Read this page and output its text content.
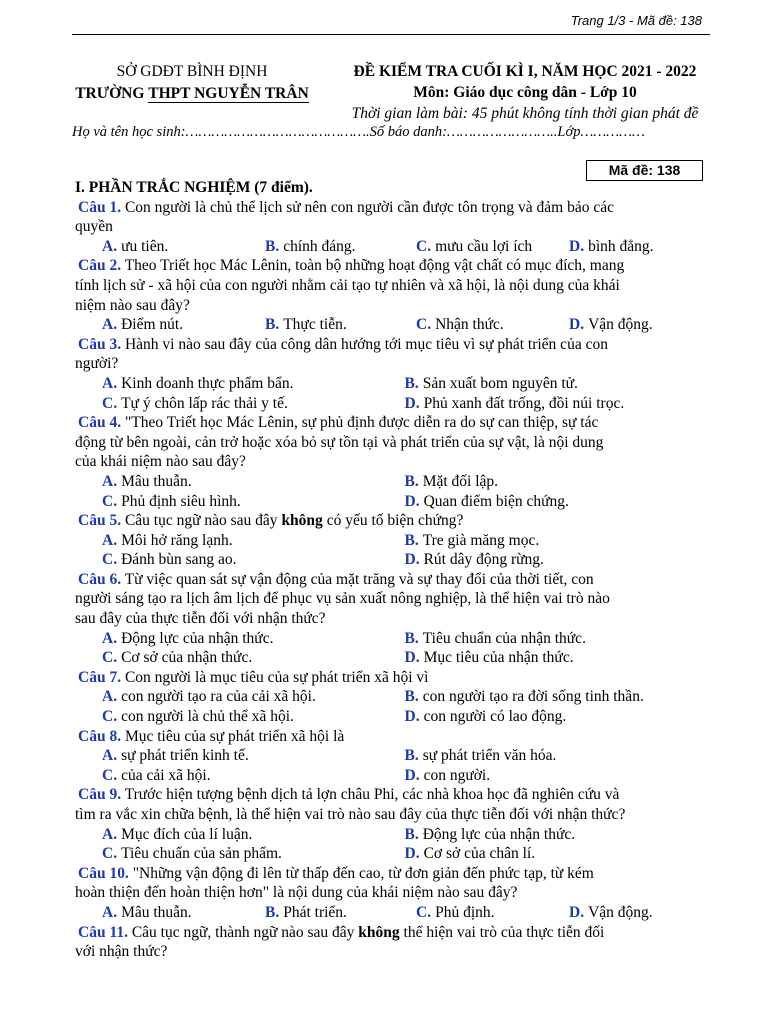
Trang 1/3 - Mã đề: 138
SỞ GDĐT BÌNH ĐỊNH
TRƯỜNG THPT NGUYỄN TRÂN
ĐỀ KIỂM TRA CUỐI KÌ I, NĂM HỌC 2021 - 2022
Môn: Giáo dục công dân - Lớp 10
Thời gian làm bài: 45 phút không tính thời gian phát đề
Họ và tên học sinh:…………………………………….Số báo danh:……………………..Lớp……………
Mã đề: 138
I. PHẦN TRẮC NGHIỆM (7 điểm).
Câu 1. Con người là chủ thể lịch sử nên con người cần được tôn trọng và đảm bảo các
quyền
A. ưu tiên.	B. chính đáng.	C. mưu cầu lợi ích	D. bình đẳng.
Câu 2. Theo Triết học Mác Lênin, toàn bộ những hoạt động vật chất có mục đích, mang
tính lịch sử - xã hội của con người nhằm cải tạo tự nhiên và xã hội, là nội dung của khái
niệm nào sau đây?
A. Điểm nút.	B. Thực tiễn.	C. Nhận thức.	D. Vận động.
Câu 3. Hành vi nào sau đây của công dân hướng tới mục tiêu vì sự phát triển của con
người?
A. Kinh doanh thực phẩm bẩn.	B. Sản xuất bom nguyên tử.
C. Tự ý chôn lấp rác thải y tế.	D. Phủ xanh đất trống, đồi núi trọc.
Câu 4. "Theo Triết học Mác Lênin, sự phủ định được diễn ra do sự can thiệp, sự tác
động từ bên ngoài, cản trở hoặc xóa bỏ sự tồn tại và phát triển của sự vật, là nội dung
của khái niệm nào sau đây?
A. Mâu thuẫn.	B. Mặt đối lập.
C. Phủ định siêu hình.	D. Quan điểm biện chứng.
Câu 5. Câu tục ngữ nào sau đây không có yếu tố biện chứng?
A. Môi hở răng lạnh.	B. Tre già măng mọc.
C. Đánh bùn sang ao.	D. Rút dây động rừng.
Câu 6. Từ việc quan sát sự vận động của mặt trăng và sự thay đổi của thời tiết, con
người sáng tạo ra lịch âm lịch để phục vụ sản xuất nông nghiệp, là thể hiện vai trò nào
sau đây của thực tiễn đối với nhận thức?
A. Động lực của nhận thức.	B. Tiêu chuẩn của nhận thức.
C. Cơ sở của nhận thức.	D. Mục tiêu của nhận thức.
Câu 7. Con người là mục tiêu của sự phát triển xã hội vì
A. con người tạo ra của cải xã hội.	B. con người tạo ra đời sống tinh thần.
C. con người là chủ thể xã hội.	D. con người có lao động.
Câu 8. Mục tiêu của sự phát triển xã hội là
A. sự phát triển kinh tế.	B. sự phát triển văn hóa.
C. của cải xã hội.	D. con người.
Câu 9. Trước hiện tượng bệnh dịch tả lợn châu Phi, các nhà khoa học đã nghiên cứu và
tìm ra vắc xin chữa bệnh, là thể hiện vai trò nào sau đây của thực tiễn đối với nhận thức?
A. Mục đích của lí luận.	B. Động lực của nhận thức.
C. Tiêu chuẩn của sản phẩm.	D. Cơ sở của chân lí.
Câu 10. "Những vận động đi lên từ thấp đến cao, từ đơn giản đến phức tạp, từ kém
hoàn thiện đến hoàn thiện hơn" là nội dung của khái niệm nào sau đây?
A. Mâu thuẫn.	B. Phát triển.	C. Phủ định.	D. Vận động.
Câu 11. Câu tục ngữ, thành ngữ nào sau đây không thể hiện vai trò của thực tiễn đối
với nhận thức?
